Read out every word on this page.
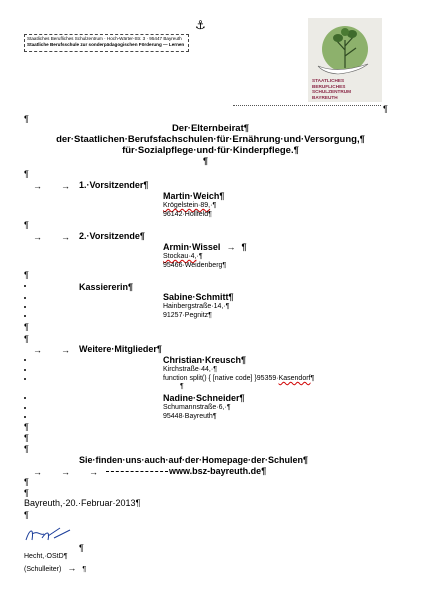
Staatliches Berufliches Schulzentrum · Hoch-Wärter-Str. 3 · 95447 Bayreuth
Staatliche Berufsschule zur sonderpädagogischen Förderung — Lernen
⚓
STAATLICHES
BERUFLICHES SCHULZENTRUM
BAYREUTH
¶
¶
Der·Elternbeirat¶
der·Staatlichen·Berufsfachschulen·für·Ernährung·und·Versorgung,¶
für·Sozialpflege·und·für·Kinderpflege.¶
¶
¶
→ → 1.·Vorsitzender¶
Martin·Weich¶
Krögelstein·89,·¶
96142·Hollfeld¶
¶
→ → 2.·Vorsitzende¶
Armin·Wissel → ¶
Stockau·4,·¶
95466·Weidenberg¶
¶
Kassiererin¶
Sabine·Schmitt¶
Hainbergstraße·14,·¶
91257·Pegnitz¶
¶
¶
→ → Weitere·Mitglieder¶
Christian·Kreusch¶
Kirchstraße·44,·¶
function split() { [native code] }95359·Kasendorf¶
¶
Nadine·Schneider¶
Schumannstraße·6,·¶
95448·Bayreuth¶
¶
¶
¶
Sie·finden·uns·auch·auf·der·Homepage·der·Schulen¶
→ → →	www.bsz-bayreuth.de¶
¶
¶
Bayreuth,·20.·Februar·2013¶
¶
¶
Hecht,·OStD¶
(Schulleiter) → ¶
